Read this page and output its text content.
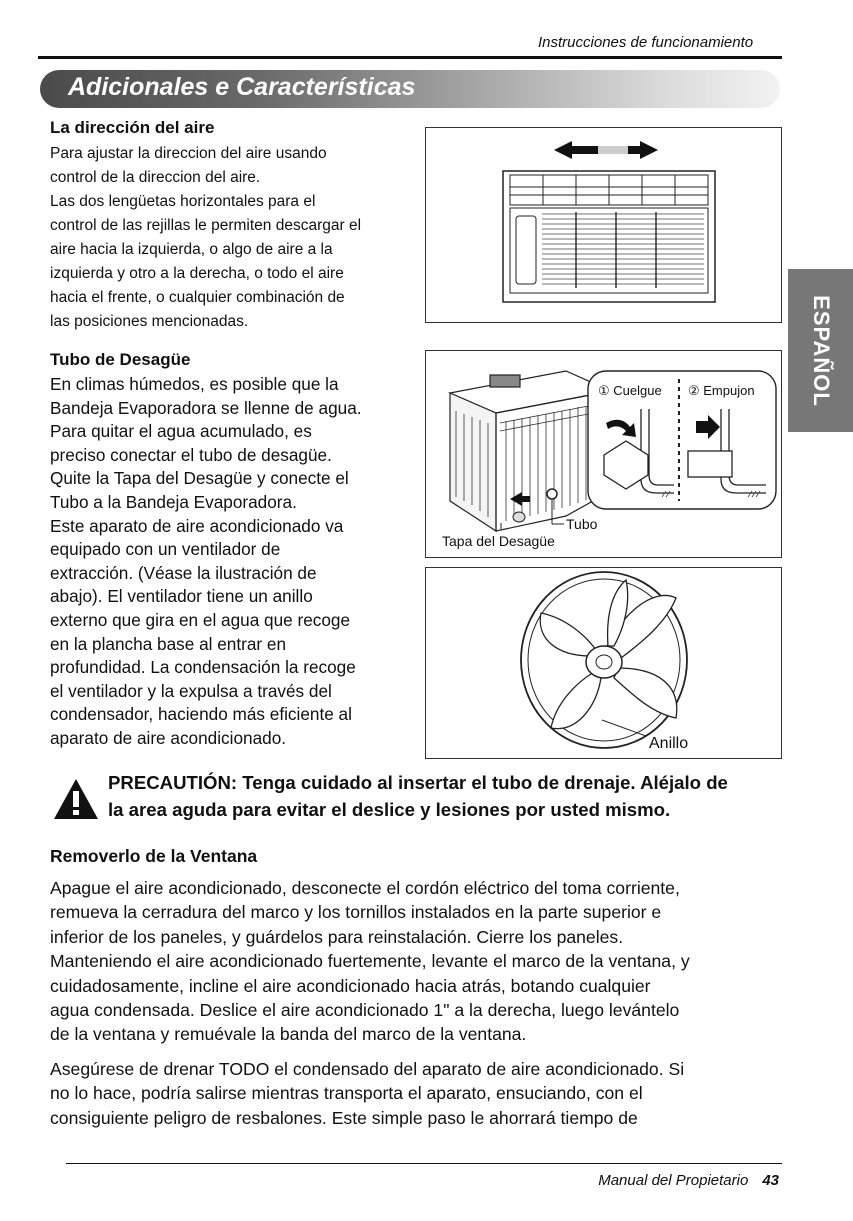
Instrucciones de funcionamiento
Adicionales e Características
ESPAÑOL
La dirección del aire

Para ajustar la direccion del aire usando

control de la direccion del aire.

Las dos lengüetas horizontales para el

control de las rejillas le permiten descargar el

aire hacia la izquierda, o algo de aire a la

izquierda y otro a la derecha, o todo el aire

hacia el frente, o cualquier combinación de

las posiciones mencionadas.

Tubo de Desagüe

En climas húmedos, es posible que la

Bandeja Evaporadora se llenne de agua.

Para quitar el agua acumulado, es

preciso conectar el tubo de desagüe.

Quite la Tapa del Desagüe y conecte el

Tubo a la Bandeja Evaporadora.

Este aparato de aire acondicionado va

equipado con un ventilador de

extracción. (Véase la ilustración de

abajo). El ventilador tiene un anillo

externo que gira en el agua que recoge

en la plancha base al entrar en

profundidad. La condensación la recoge

el ventilador y la expulsa a través del

condensador, haciendo más eficiente al

aparato de aire acondicionado.

Tubo
Tapa del Desagüe
① Cuelgue ② Empujon
Anillo

PRECAUTIÓN: Tenga cuidado al insertar el tubo de drenaje. Aléjalo de

la area aguda para evitar el deslice y lesiones por usted mismo.

Removerlo de la Ventana

Apague el aire acondicionado, desconecte el cordón eléctrico del toma corriente,

remueva la cerradura del marco y los tornillos instalados en la parte superior e

inferior de los paneles, y guárdelos para reinstalación. Cierre los paneles.

Manteniendo el aire acondicionado fuertemente, levante el marco de la ventana, y

cuidadosamente, incline el aire acondicionado hacia atrás, botando cualquier

agua condensada. Deslice el aire acondicionado 1" a la derecha, luego levántelo

de la ventana y remuévale la banda del marco de la ventana.

Asegúrese de drenar TODO el condensado del aparato de aire acondicionado. Si

no lo hace, podría salirse mientras transporta el aparato, ensuciando, con el

consiguiente peligro de resbalones. Este simple paso le ahorrará tiempo de

Manual del Propietario 43
